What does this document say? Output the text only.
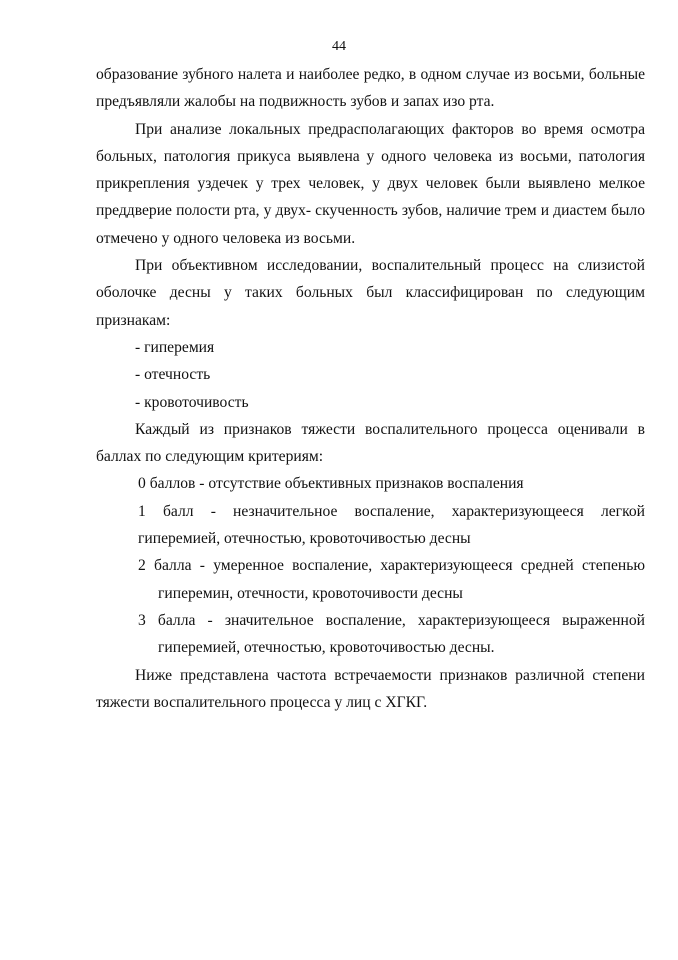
44

образование зубного налета и наиболее редко, в одном случае из восьми, больные предъявляли жалобы на подвижность зубов и запах изо рта.

При анализе локальных предрасполагающих факторов во время осмотра больных, патология прикуса выявлена у одного человека из восьми, патология прикрепления уздечек у трех человек, у двух человек были выявлено мелкое преддверие полости рта, у двух- скученность зубов, наличие трем и диастем было отмечено у одного человека из восьми.

При объективном исследовании, воспалительный процесс на слизистой оболочке десны у таких больных был классифицирован по следующим признакам:

- гиперемия

- отечность

- кровоточивость

Каждый из признаков тяжести воспалительного процесса оценивали в баллах по следующим критериям:

0 баллов - отсутствие объективных признаков воспаления

1 балл - незначительное воспаление, характеризующееся легкой гиперемией, отечностью, кровоточивостью десны

2 балла - умеренное воспаление, характеризующееся средней степенью гиперемин, отечности, кровоточивости десны

3 балла - значительное воспаление, характеризующееся выраженной гиперемией, отечностью, кровоточивостью десны.

Ниже представлена частота встречаемости признаков различной степени тяжести воспалительного процесса у лиц с ХГКГ.
